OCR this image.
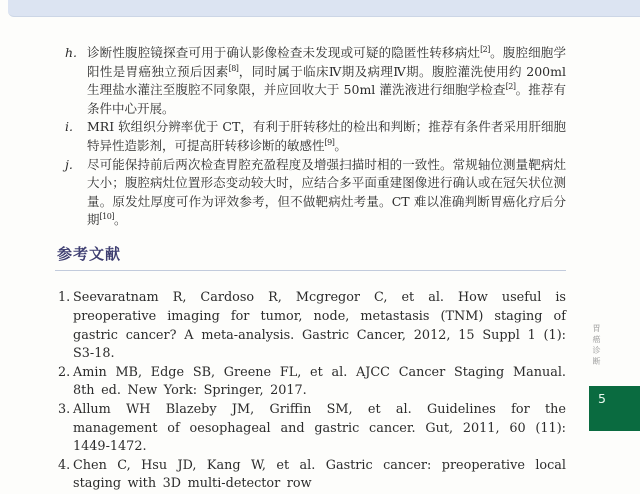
h. 诊断性腹腔镜探查可用于确认影像检查未发现或可疑的隐匿性转移病灶[2]。腹腔细胞学阳性是胃癌独立预后因素[8]，同时属于临床Ⅳ期及病理Ⅳ期。腹腔灌洗使用约 200ml 生理盐水灌注至腹腔不同象限，并应回收大于 50ml 灌洗液进行细胞学检查[2]。推荐有条件中心开展。
i. MRI 软组织分辨率优于 CT，有利于肝转移灶的检出和判断；推荐有条件者采用肝细胞特异性造影剂，可提高肝转移诊断的敏感性[9]。
j. 尽可能保持前后两次检查胃腔充盈程度及增强扫描时相的一致性。常规轴位测量靶病灶大小；腹腔病灶位置形态变动较大时，应结合多平面重建图像进行确认或在冠矢状位测量。原发灶厚度可作为评效参考，但不做靶病灶考量。CT 难以准确判断胃癌化疗后分期[10]。
参考文献
1. Seevaratnam R, Cardoso R, Mcgregor C, et al. How useful is preoperative imaging for tumor, node, metastasis (TNM) staging of gastric cancer? A meta-analysis. Gastric Cancer, 2012, 15 Suppl 1 (1): S3-18.
2. Amin MB, Edge SB, Greene FL, et al. AJCC Cancer Staging Manual. 8th ed. New York: Springer, 2017.
3. Allum WH Blazeby JM, Griffin SM, et al. Guidelines for the management of oesophageal and gastric cancer. Gut, 2011, 60 (11): 1449-1472.
4. Chen C, Hsu JD, Kang W, et al. Gastric cancer: preoperative local staging with 3D multi-detector row
胃癌诊断
5
